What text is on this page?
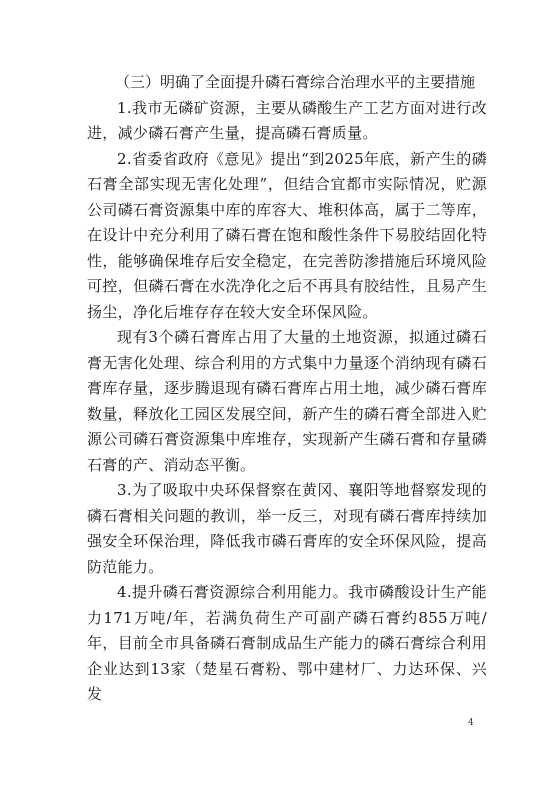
（三）明确了全面提升磷石膏综合治理水平的主要措施

1.我市无磷矿资源，主要从磷酸生产工艺方面对进行改进，减少磷石膏产生量，提高磷石膏质量。

2.省委省政府《意见》提出“到2025年底，新产生的磷石膏全部实现无害化处理”，但结合宜都市实际情况，贮源公司磷石膏资源集中库的库容大、堆积体高，属于二等库，在设计中充分利用了磷石膏在饱和酸性条件下易胶结固化特性，能够确保堆存后安全稳定，在完善防渗措施后环境风险可控，但磷石膏在水洗净化之后不再具有胶结性，且易产生扬尘，净化后堆存存在较大安全环保风险。

现有3个磷石膏库占用了大量的土地资源，拟通过磷石膏无害化处理、综合利用的方式集中力量逐个消纳现有磷石膏库存量，逐步腾退现有磷石膏库占用土地，减少磷石膏库数量，释放化工园区发展空间，新产生的磷石膏全部进入贮源公司磷石膏资源集中库堆存，实现新产生磷石膏和存量磷石膏的产、消动态平衡。

3.为了吸取中央环保督察在黄冈、襄阳等地督察发现的磷石膏相关问题的教训，举一反三，对现有磷石膏库持续加强安全环保治理，降低我市磷石膏库的安全环保风险，提高防范能力。

4.提升磷石膏资源综合利用能力。我市磷酸设计生产能力171万吨/年，若满负荷生产可副产磷石膏约855万吨/年，目前全市具备磷石膏制成品生产能力的磷石膏综合利用企业达到13家（楚星石膏粉、鄂中建材厂、力达环保、兴发

4
